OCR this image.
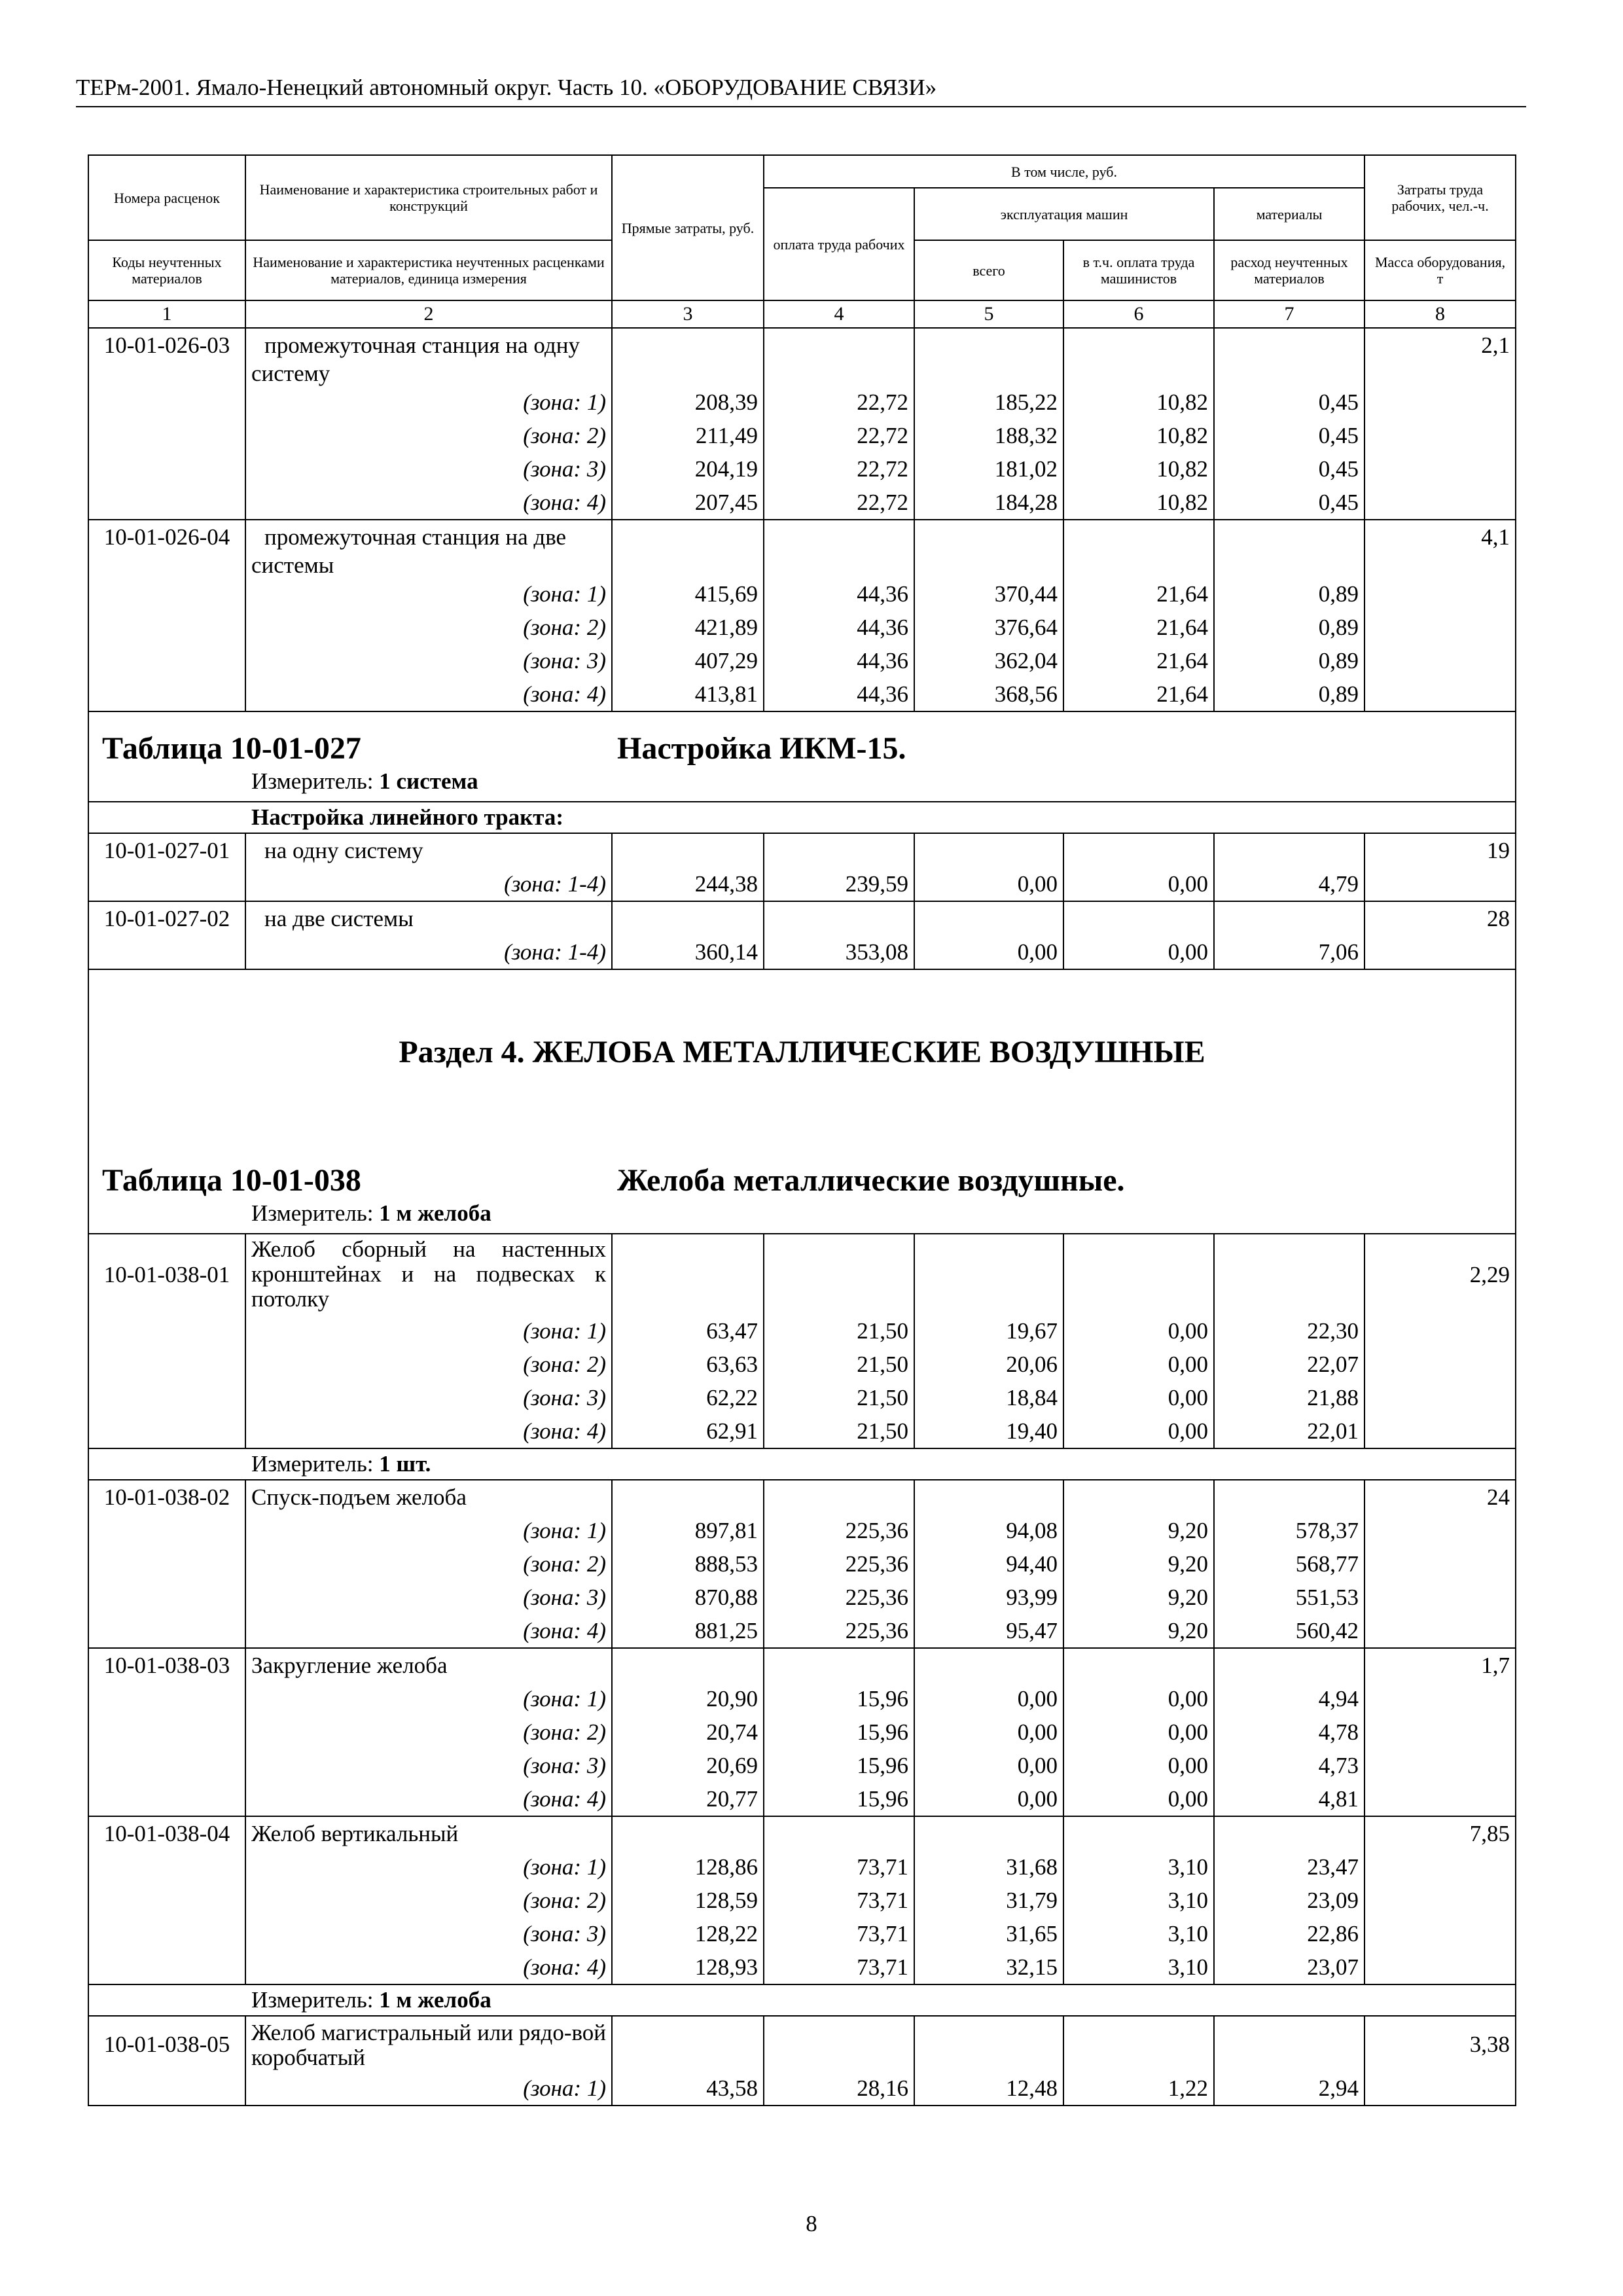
ТЕРм-2001. Ямало-Ненецкий автономный округ. Часть 10. «ОБОРУДОВАНИЕ СВЯЗИ»
Номера расценок	Наименование и характеристика строительных работ и конструкций	Прямые затраты, руб.	В том числе, руб.				Затраты труда рабочих, чел.-ч.
			оплата труда рабочих	эксплуатация машин		материалы	
Коды неучтенных материалов	Наименование и характеристика неучтенных расценками материалов, единица измерения			всего	в т.ч. оплата труда машинистов	расход неучтенных материалов	Масса оборудования, т
1	2	3	4	5	6	7	8
10-01-026-03	промежуточная станция на одну						2,1
	систему						
	(зона: 1)	208,39	22,72	185,22	10,82	0,45	
	(зона: 2)	211,49	22,72	188,32	10,82	0,45	
	(зона: 3)	204,19	22,72	181,02	10,82	0,45	
	(зона: 4)	207,45	22,72	184,28	10,82	0,45	
10-01-026-04	промежуточная станция на две						4,1
	системы						
	(зона: 1)	415,69	44,36	370,44	21,64	0,89	
	(зона: 2)	421,89	44,36	376,64	21,64	0,89	
	(зона: 3)	407,29	44,36	362,04	21,64	0,89	
	(зона: 4)	413,81	44,36	368,56	21,64	0,89	

Таблица 10-01-027 Настройка ИКМ-15.
Измеритель: 1 система							

Настройка линейного тракта:							
10-01-027-01	на одну систему						19
	(зона: 1-4)	244,38	239,59	0,00	0,00	4,79	
10-01-027-02	на две системы						28
	(зона: 1-4)	360,14	353,08	0,00	0,00	7,06	

Раздел 4. ЖЕЛОБА МЕТАЛЛИЧЕСКИЕ ВОЗДУШНЫЕ
Таблица 10-01-038 Желоба металлические воздушные.
Измеритель: 1 м желоба							

10-01-038-01	Желоб сборный на настенных кронштейнах и на подвесках к потолку						2,29
	(зона: 1)	63,47	21,50	19,67	0,00	22,30	
	(зона: 2)	63,63	21,50	20,06	0,00	22,07	
	(зона: 3)	62,22	21,50	18,84	0,00	21,88	
	(зона: 4)	62,91	21,50	19,40	0,00	22,01	
Измеритель: 1 шт.							
10-01-038-02	Спуск-подъем желоба						24
	(зона: 1)	897,81	225,36	94,08	9,20	578,37	
	(зона: 2)	888,53	225,36	94,40	9,20	568,77	
	(зона: 3)	870,88	225,36	93,99	9,20	551,53	
	(зона: 4)	881,25	225,36	95,47	9,20	560,42	
10-01-038-03	Закругление желоба						1,7
	(зона: 1)	20,90	15,96	0,00	0,00	4,94	
	(зона: 2)	20,74	15,96	0,00	0,00	4,78	
	(зона: 3)	20,69	15,96	0,00	0,00	4,73	
	(зона: 4)	20,77	15,96	0,00	0,00	4,81	
10-01-038-04	Желоб вертикальный						7,85
	(зона: 1)	128,86	73,71	31,68	3,10	23,47	
	(зона: 2)	128,59	73,71	31,79	3,10	23,09	
	(зона: 3)	128,22	73,71	31,65	3,10	22,86	
	(зона: 4)	128,93	73,71	32,15	3,10	23,07	
Измеритель: 1 м желоба							
10-01-038-05	Желоб магистральный или рядо-вой коробчатый						3,38
	(зона: 1)	43,58	28,16	12,48	1,22	2,94	
8
